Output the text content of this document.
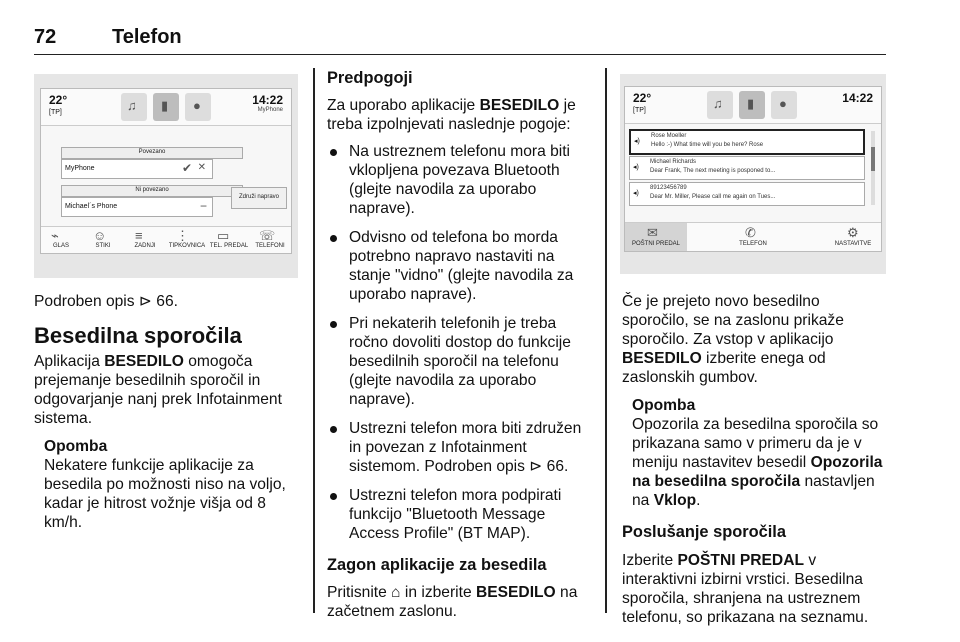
72	Telefon
22°
[TP]	♫ ▮ ●	14:22
MyPhone
Povezano
MyPhone	✔ ✕
Ni povezano
Michael´s Phone	−
Združi napravo
⌁	☺ ≡	⋮ ▭ ☏
GLAS	STIKI	ZADNJI	TIPKOVNICA TEL. PREDAL	TELEFONI

Podroben opis ⊳ 66.

Besedilna sporočila

Aplikacija BESEDILO omogoča prejemanje besedilnih sporočil in odgovarjanje nanj prek Infotainment sistema.

Opomba

Nekatere funkcije aplikacije za besedila po možnosti niso na voljo, kadar je hitrost vožnje višja od 8 km/h.

Predpogoji

Za uporabo aplikacije BESEDILO je treba izpolnjevati naslednje pogoje:

Na ustreznem telefonu mora biti vklopljena povezava Bluetooth (glejte navodila za uporabo naprave).
Odvisno od telefona bo morda potrebno napravo nastaviti na stanje "vidno" (glejte navodila za uporabo naprave).
Pri nekaterih telefonih je treba ročno dovoliti dostop do funkcije besedilnih sporočil na telefonu (glejte navodila za uporabo naprave).
Ustrezni telefon mora biti združen in povezan z Infotainment sistemom. Podroben opis ⊳ 66.
Ustrezni telefon mora podpirati funkcijo "Bluetooth Message Access Profile" (BT MAP).
Zagon aplikacije za besedila

Pritisnite ⌂ in izberite BESEDILO na začetnem zaslonu.

22°
[TP]	♫ ▮ ●	14:22
◂)
Rose Moeller
Hello :-) What time will you be here? Rose
◂)
Michael Richards
Dear Frank, The next meeting is posponed to...
◂)
89123456789
Dear Mr. Miller, Please call me again on Tues...
✉	✆	⚙
POŠTNI PREDAL	TELEFON	NASTAVITVE

Če je prejeto novo besedilno sporočilo, se na zaslonu prikaže sporočilo. Za vstop v aplikacijo BESEDILO izberite enega od zaslonskih gumbov.

Opomba

Opozorila za besedilna sporočila so prikazana samo v primeru da je v meniju nastavitev besedil Opozorila na besedilna sporočila nastavljen na Vklop.

Poslušanje sporočila

Izberite POŠTNI PREDAL v interaktivni izbirni vrstici. Besedilna sporočila, shranjena na ustreznem telefonu, so prikazana na seznamu.
